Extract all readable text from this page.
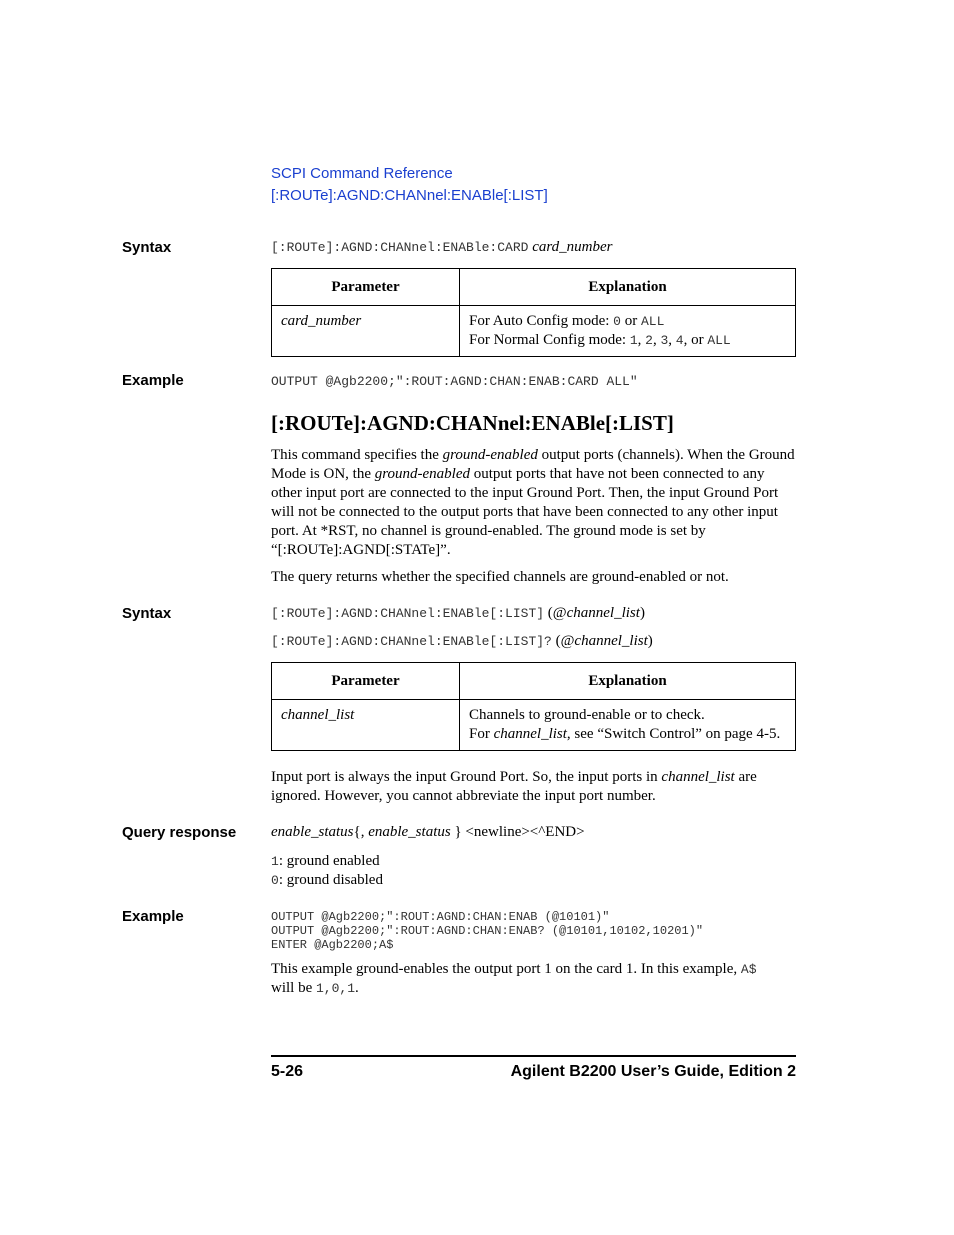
SCPI Command Reference
[:ROUTe]:AGND:CHANnel:ENABle[:LIST]
Syntax	[:ROUTe]:AGND:CHANnel:ENABle:CARD card_number
Parameter	Explanation
card_number	For Auto Config mode: 0 or ALL
For Normal Config mode: 1, 2, 3, 4, or ALL
Example	OUTPUT @Agb2200;":ROUT:AGND:CHAN:ENAB:CARD ALL"
[:ROUTe]:AGND:CHANnel:ENABle[:LIST]
This command specifies the ground-enabled output ports (channels). When the Ground Mode is ON, the ground-enabled output ports that have not been connected to any other input port are connected to the input Ground Port. Then, the input Ground Port will not be connected to the output ports that have been connected to any other input port. At *RST, no channel is ground-enabled. The ground mode is set by “[:ROUTe]:AGND[:STATe]”.
The query returns whether the specified channels are ground-enabled or not.
Syntax	[:ROUTe]:AGND:CHANnel:ENABle[:LIST] (@channel_list)
[:ROUTe]:AGND:CHANnel:ENABle[:LIST]? (@channel_list)
Parameter	Explanation
channel_list	Channels to ground-enable or to check.
For channel_list, see “Switch Control” on page 4-5.
Input port is always the input Ground Port. So, the input ports in channel_list are ignored. However, you cannot abbreviate the input port number.
Query response enable_status{, enable_status } <newline><^END>
1: ground enabled
0: ground disabled
Example	OUTPUT @Agb2200;":ROUT:AGND:CHAN:ENAB (@10101)"
OUTPUT @Agb2200;":ROUT:AGND:CHAN:ENAB? (@10101,10102,10201)"
ENTER @Agb2200;A$
This example ground-enables the output port 1 on the card 1. In this example, A$
will be 1,0,1.
5-26	Agilent B2200 User’s Guide, Edition 2
